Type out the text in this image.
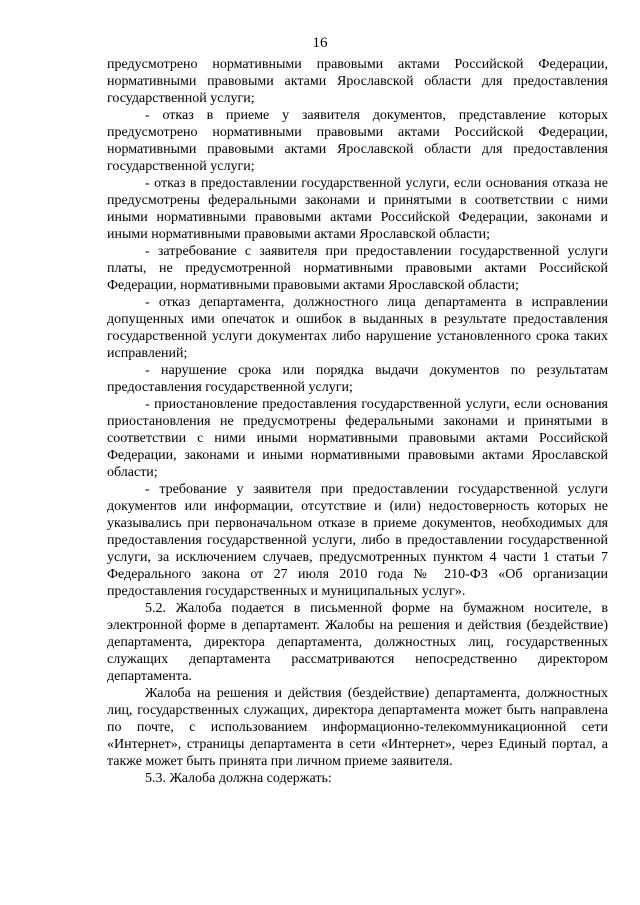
16

предусмотрено нормативными правовыми актами Российской Федерации, нормативными правовыми актами Ярославской области для предоставления государственной услуги;

- отказ в приеме у заявителя документов, представление которых предусмотрено нормативными правовыми актами Российской Федерации, нормативными правовыми актами Ярославской области для предоставления государственной услуги;

- отказ в предоставлении государственной услуги, если основания отказа не предусмотрены федеральными законами и принятыми в соответствии с ними иными нормативными правовыми актами Российской Федерации, законами и иными нормативными правовыми актами Ярославской области;

- затребование с заявителя при предоставлении государственной услуги платы, не предусмотренной нормативными правовыми актами Российской Федерации, нормативными правовыми актами Ярославской области;

- отказ департамента, должностного лица департамента в исправлении допущенных ими опечаток и ошибок в выданных в результате предоставления государственной услуги документах либо нарушение установленного срока таких исправлений;

- нарушение срока или порядка выдачи документов по результатам предоставления государственной услуги;

- приостановление предоставления государственной услуги, если основания приостановления не предусмотрены федеральными законами и принятыми в соответствии с ними иными нормативными правовыми актами Российской Федерации, законами и иными нормативными правовыми актами Ярославской области;

- требование у заявителя при предоставлении государственной услуги документов или информации, отсутствие и (или) недостоверность которых не указывались при первоначальном отказе в приеме документов, необходимых для предоставления государственной услуги, либо в предоставлении государственной услуги, за исключением случаев, предусмотренных пунктом 4 части 1 статьи 7 Федерального закона от 27 июля 2010 года № 210-ФЗ «Об организации предоставления государственных и муниципальных услуг».

5.2. Жалоба подается в письменной форме на бумажном носителе, в электронной форме в департамент. Жалобы на решения и действия (бездействие) департамента, директора департамента, должностных лиц, государственных служащих департамента рассматриваются непосредственно директором департамента.

Жалоба на решения и действия (бездействие) департамента, должностных лиц, государственных служащих, директора департамента может быть направлена по почте, с использованием информационно-телекоммуникационной сети «Интернет», страницы департамента в сети «Интернет», через Единый портал, а также может быть принята при личном приеме заявителя.

5.3. Жалоба должна содержать:
